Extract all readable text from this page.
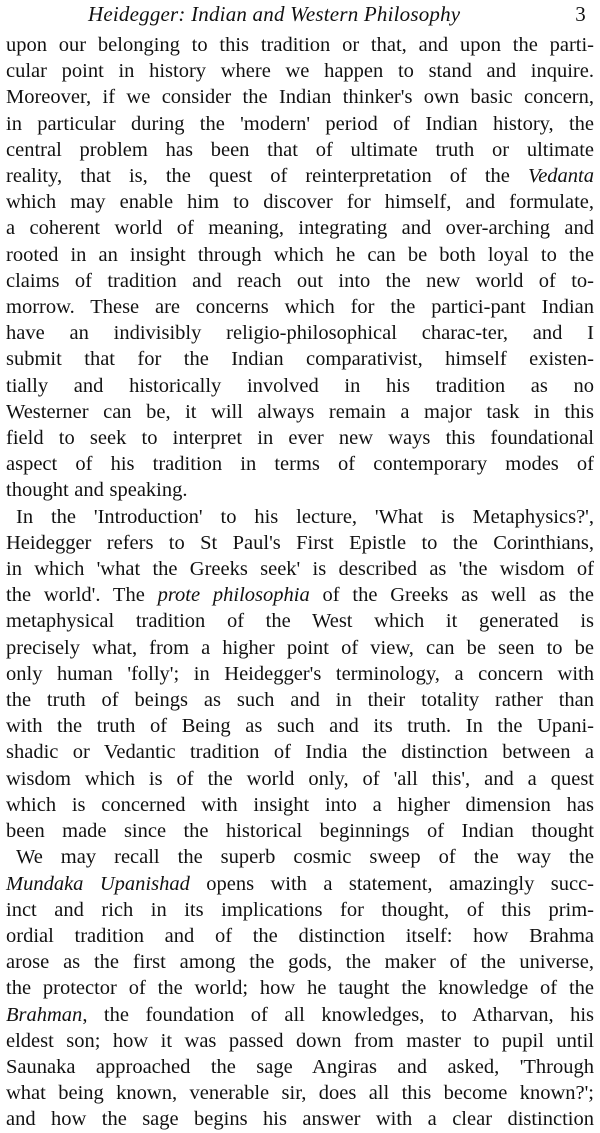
Heidegger: Indian and Western Philosophy	3
upon our belonging to this tradition or that, and upon the parti-
cular point in history where we happen to stand and inquire.
Moreover, if we consider the Indian thinker's own basic concern,
in particular during the 'modern' period of Indian history, the
central problem has been that of ultimate truth or ultimate
reality, that is, the quest of reinterpretation of the Vedanta
which may enable him to discover for himself, and formulate,
a coherent world of meaning, integrating and over-arching and
rooted in an insight through which he can be both loyal to the
claims of tradition and reach out into the new world of to-
morrow. These are concerns which for the partici-pant Indian
have an indivisibly religio-philosophical charac-ter, and I
submit that for the Indian comparativist, himself existen-
tially and historically involved in his tradition as no
Westerner can be, it will always remain a major task in this
field to seek to interpret in ever new ways this foundational
aspect of his tradition in terms of contemporary modes of
thought and speaking.
In the 'Introduction' to his lecture, 'What is Metaphysics?',
Heidegger refers to St Paul's First Epistle to the Corinthians,
in which 'what the Greeks seek' is described as 'the wisdom of
the world'. The prote philosophia of the Greeks as well as the
metaphysical tradition of the West which it generated is
precisely what, from a higher point of view, can be seen to be
only human 'folly'; in Heidegger's terminology, a concern with
the truth of beings as such and in their totality rather than
with the truth of Being as such and its truth. In the Upani-
shadic or Vedantic tradition of India the distinction between a
wisdom which is of the world only, of 'all this', and a quest
which is concerned with insight into a higher dimension has
been made since the historical beginnings of Indian thought
We may recall the superb cosmic sweep of the way the
Mundaka Upanishad opens with a statement, amazingly succ-
inct and rich in its implications for thought, of this prim-
ordial tradition and of the distinction itself: how Brahma
arose as the first among the gods, the maker of the universe,
the protector of the world; how he taught the knowledge of the
Brahman, the foundation of all knowledges, to Atharvan, his
eldest son; how it was passed down from master to pupil until
Saunaka approached the sage Angiras and asked, 'Through
what being known, venerable sir, does all this become known?';
and how the sage begins his answer with a clear distinction
